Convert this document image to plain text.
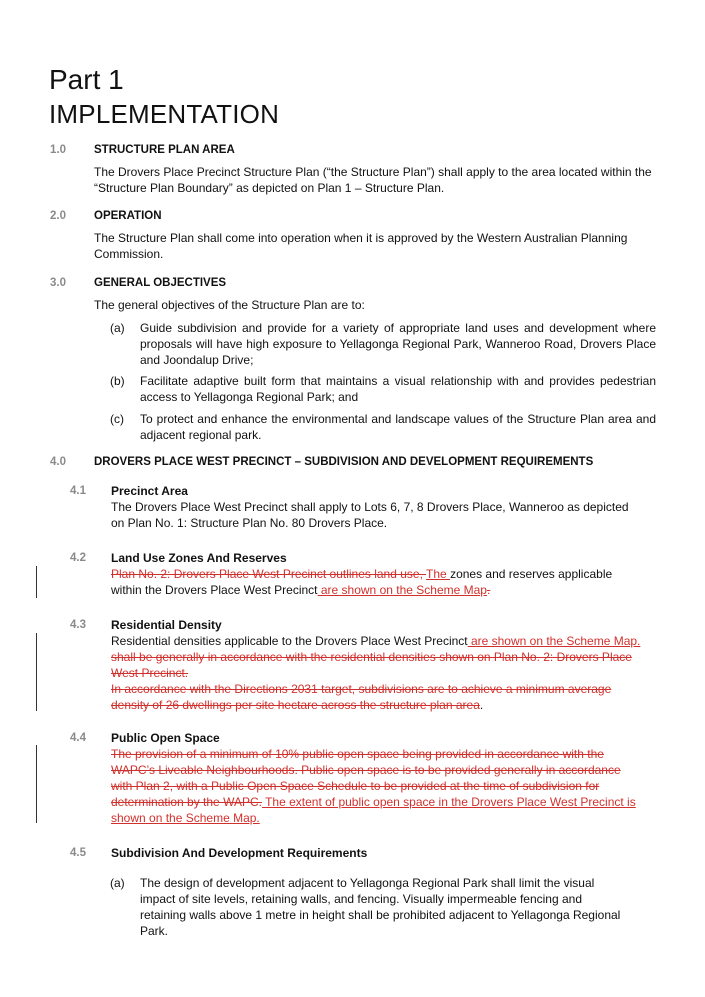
Part 1
IMPLEMENTATION
1.0 STRUCTURE PLAN AREA
The Drovers Place Precinct Structure Plan (“the Structure Plan”) shall apply to the area located within the “Structure Plan Boundary” as depicted on Plan 1 – Structure Plan.
2.0 OPERATION
The Structure Plan shall come into operation when it is approved by the Western Australian Planning Commission.
3.0 GENERAL OBJECTIVES
The general objectives of the Structure Plan are to:
(a) Guide subdivision and provide for a variety of appropriate land uses and development where proposals will have high exposure to Yellagonga Regional Park, Wanneroo Road, Drovers Place and Joondalup Drive;
(b) Facilitate adaptive built form that maintains a visual relationship with and provides pedestrian access to Yellagonga Regional Park; and
(c) To protect and enhance the environmental and landscape values of the Structure Plan area and adjacent regional park.
4.0 DROVERS PLACE WEST PRECINCT – SUBDIVISION AND DEVELOPMENT REQUIREMENTS
4.1 Precinct Area
The Drovers Place West Precinct shall apply to Lots 6, 7, 8 Drovers Place, Wanneroo as depicted on Plan No. 1: Structure Plan No. 80 Drovers Place.
4.2 Land Use Zones And Reserves
Plan No. 2: Drovers Place West Precinct outlines land use, The zones and reserves applicable within the Drovers Place West Precinct are shown on the Scheme Map.
4.3 Residential Density
Residential densities applicable to the Drovers Place West Precinct are shown on the Scheme Map. shall be generally in accordance with the residential densities shown on Plan No. 2: Drovers Place West Precinct.
In accordance with the Directions 2031 target, subdivisions are to achieve a minimum average density of 26 dwellings per site hectare across the structure plan area.
4.4 Public Open Space
The provision of a minimum of 10% public open space being provided in accordance with the WAPC’s Liveable Neighbourhoods. Public open space is to be provided generally in accordance with Plan 2, with a Public Open Space Schedule to be provided at the time of subdivision for determination by the WAPC. The extent of public open space in the Drovers Place West Precinct is shown on the Scheme Map.
4.5 Subdivision And Development Requirements
(a) The design of development adjacent to Yellagonga Regional Park shall limit the visual impact of site levels, retaining walls, and fencing. Visually impermeable fencing and retaining walls above 1 metre in height shall be prohibited adjacent to Yellagonga Regional Park.
